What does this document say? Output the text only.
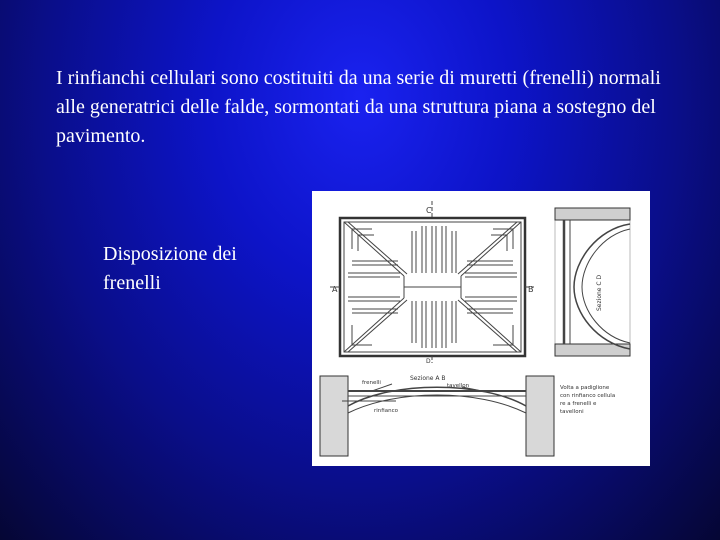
I rinfianchi cellulari sono costituiti da una serie di muretti (frenelli) normali alle generatrici delle falde, sormontati da una struttura piana a sostegno del pavimento.

Disposizione dei frenelli	A	B
C
D
Sezione A B
Sezione C D
frenelli	tavellon
rinfianco
Volta a padiglione
con rinfianco cellula
re a frenelli e
tavelloni
